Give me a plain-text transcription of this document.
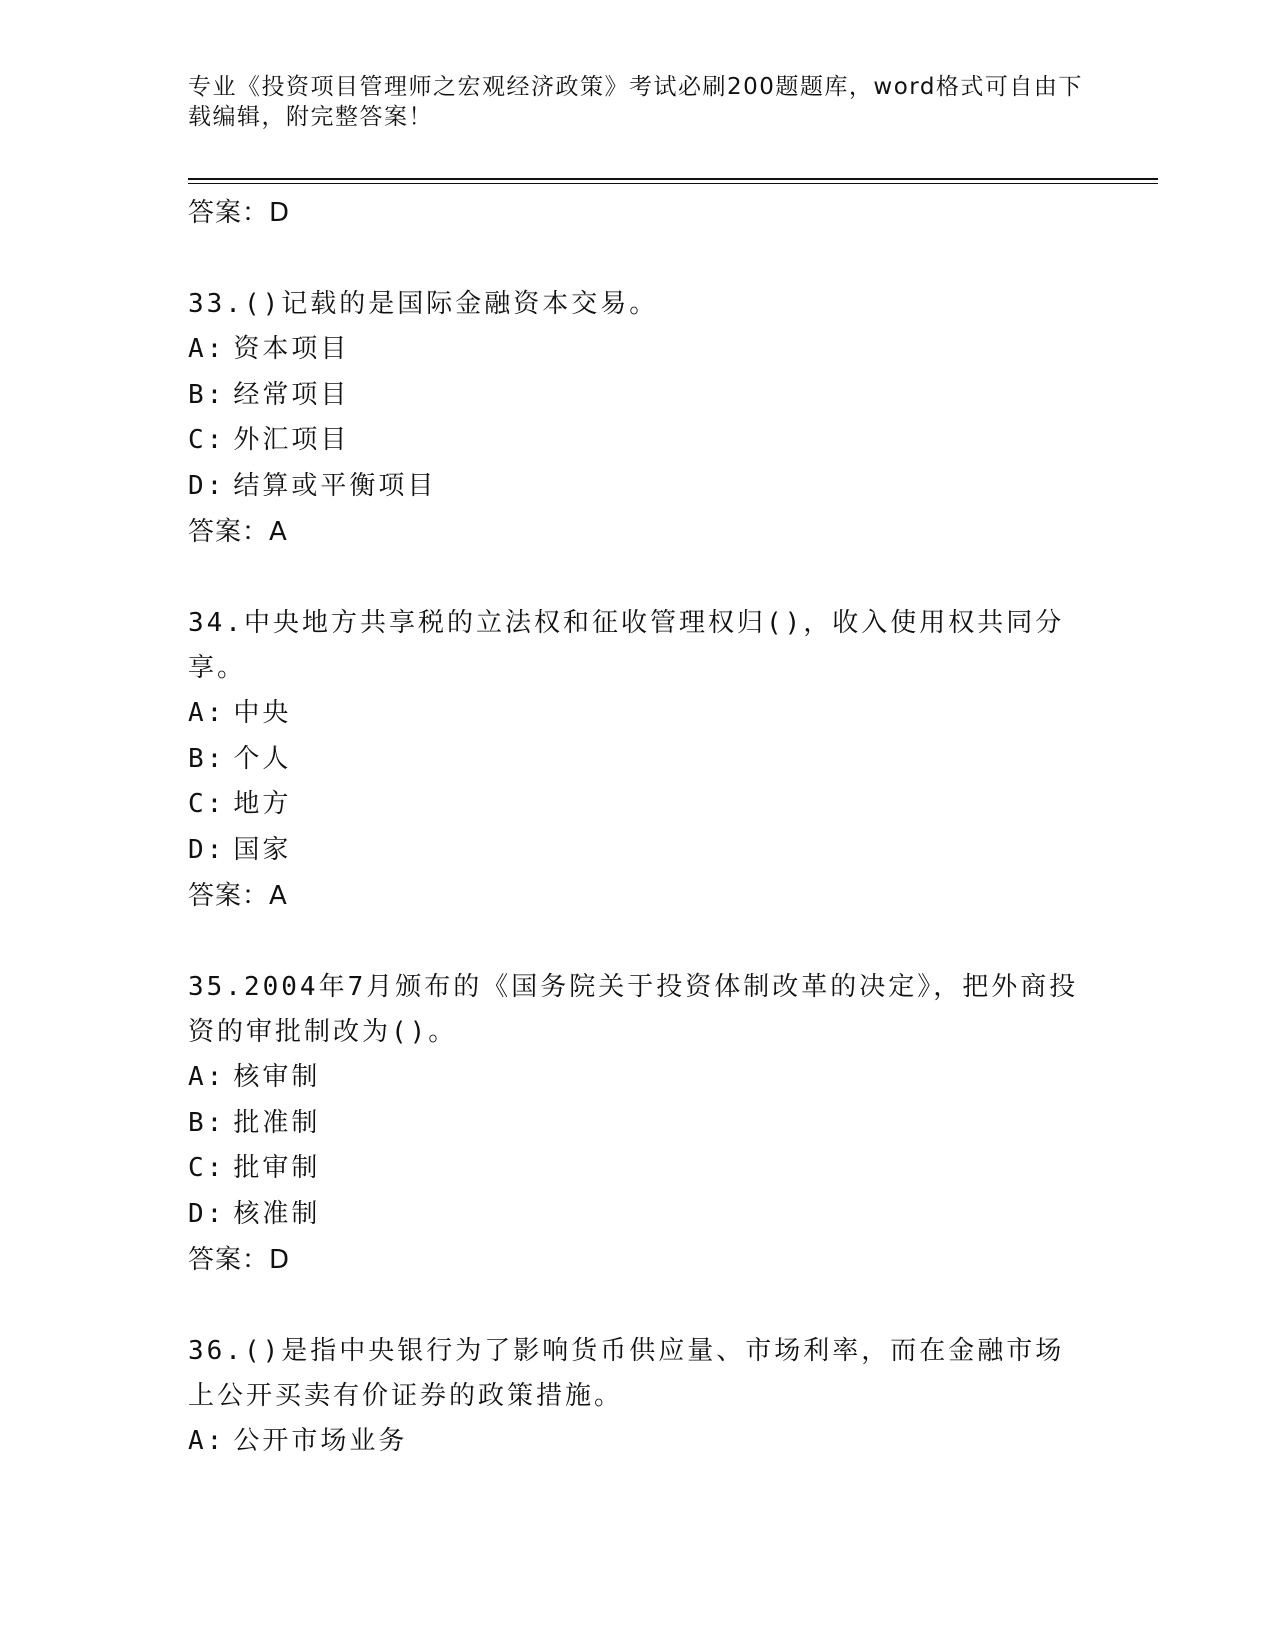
专业《投资项目管理师之宏观经济政策》考试必刷200题题库，word格式可自由下载编辑，附完整答案！
答案：D
33.()记载的是国际金融资本交易。
A: 资本项目
B: 经常项目
C: 外汇项目
D: 结算或平衡项目
答案：A
34.中央地方共享税的立法权和征收管理权归()，收入使用权共同分享。
A: 中央
B: 个人
C: 地方
D: 国家
答案：A
35.2004年7月颁布的《国务院关于投资体制改革的决定》，把外商投资的审批制改为()。
A: 核审制
B: 批准制
C: 批审制
D: 核准制
答案：D
36.()是指中央银行为了影响货币供应量、市场利率，而在金融市场上公开买卖有价证券的政策措施。
A: 公开市场业务
